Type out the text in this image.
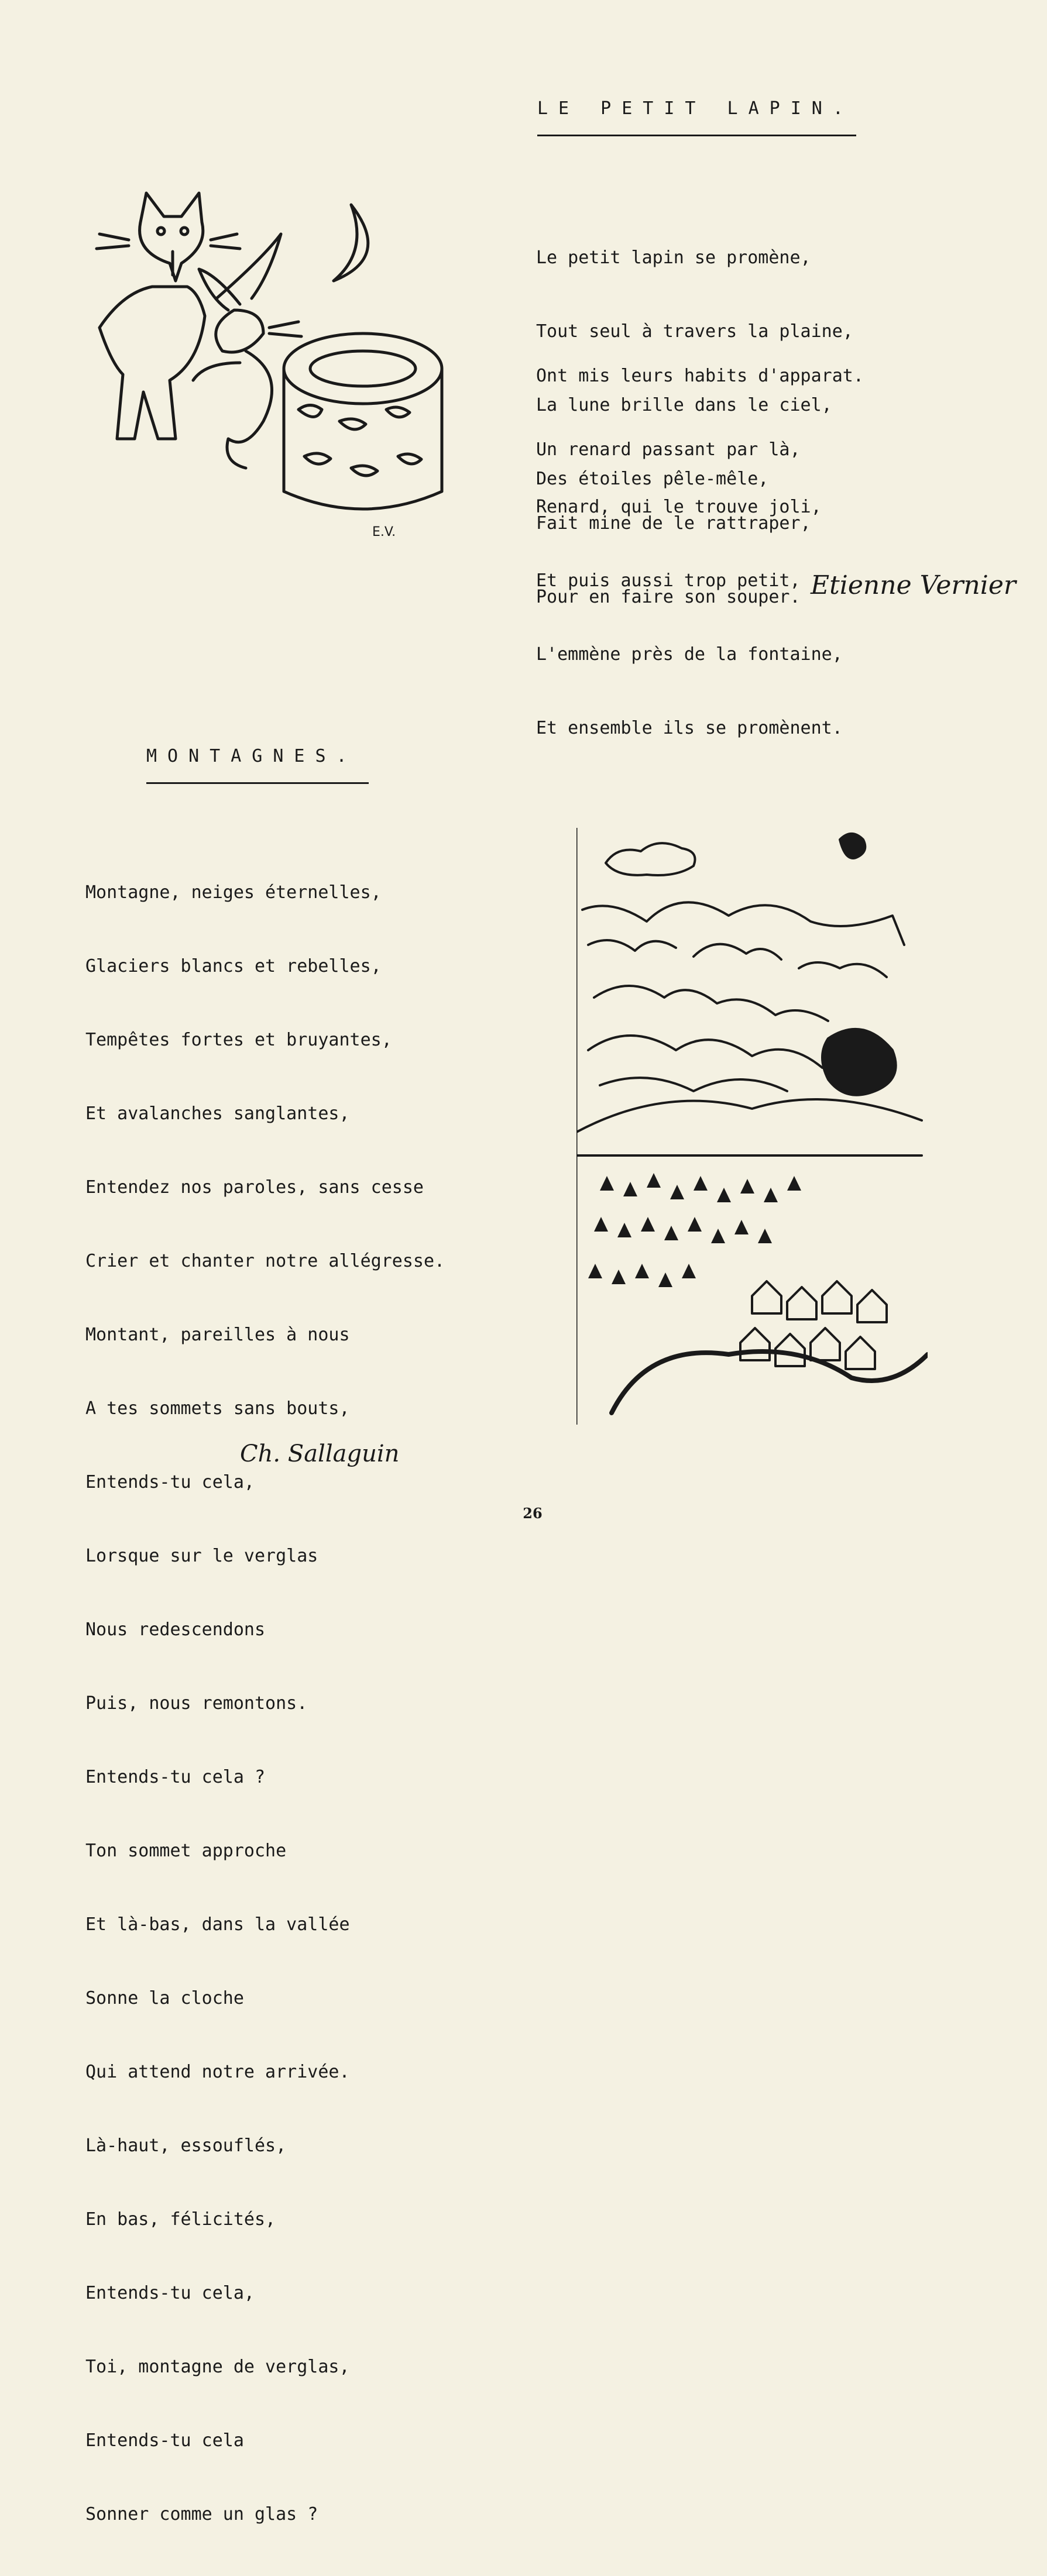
LE PETIT LAPIN.

Le petit lapin se promène,

Tout seul à travers la plaine,

La lune brille dans le ciel,

Des étoiles pêle-mêle,

Ont mis leurs habits d'apparat.

Un renard passant par là,

Fait mine de le rattraper,

Pour en faire son souper.

Renard, qui le trouve joli,

Et puis aussi trop petit,

L'emmène près de la fontaine,

Et ensemble ils se promènent.

E.V.
Etienne Vernier
MONTAGNES.

Montagne, neiges éternelles,

Glaciers blancs et rebelles,

Tempêtes fortes et bruyantes,

Et avalanches sanglantes,

Entendez nos paroles, sans cesse

Crier et chanter notre allégresse.

Montant, pareilles à nous

A tes sommets sans bouts,

Entends-tu cela,

Lorsque sur le verglas

Nous redescendons

Puis, nous remontons.

Entends-tu cela ?

Ton sommet approche

Et là-bas, dans la vallée

Sonne la cloche

Qui attend notre arrivée.

Là-haut, essouflés,

En bas, félicités,

Entends-tu cela,

Toi, montagne de verglas,

Entends-tu cela

Sonner comme un glas ?

Ch. Sallaguin
26
